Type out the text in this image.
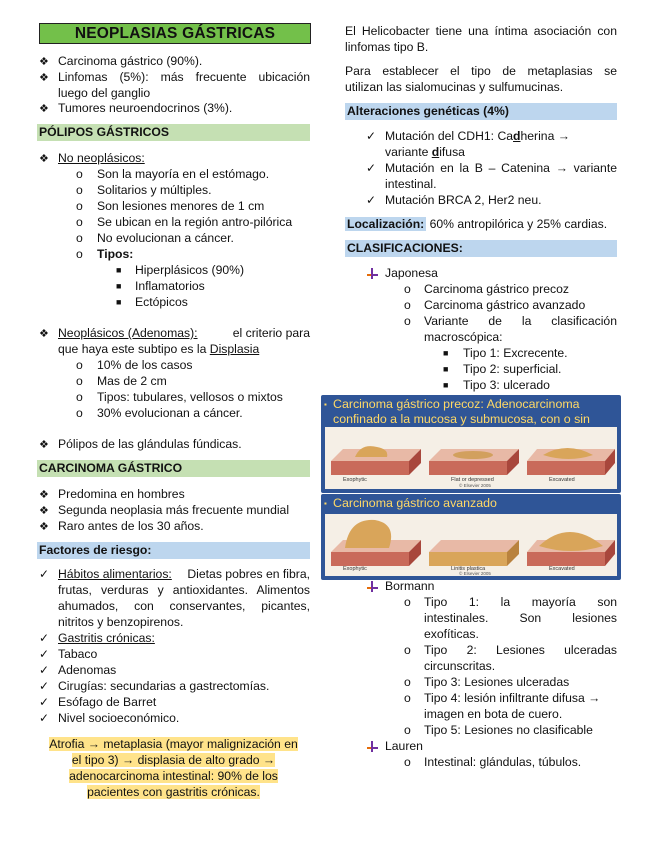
NEOPLASIAS GÁSTRICAS
❖ Carcinoma gástrico (90%).
❖ Linfomas (5%): más frecuente ubicación
luego del ganglio
❖ Tumores neuroendocrinos (3%).
PÓLIPOS GÁSTRICOS
❖ No neoplásicos:
o Son la mayoría en el estómago.
o Solitarios y múltiples.
o Son lesiones menores de 1 cm
o Se ubican en la región antro-pilórica
o No evolucionan a cáncer.
o Tipos:
■ Hiperplásicos (90%)
■ Inflamatorios
■ Ectópicos
❖ Neoplásicos (Adenomas):	el criterio para
que haya este subtipo es la Displasia
o 10% de los casos
o Mas de 2 cm
o Tipos: tubulares, vellosos o mixtos
o 30% evolucionan a cáncer.
❖ Pólipos de las glándulas fúndicas.
CARCINOMA GÁSTRICO
❖ Predomina en hombres
❖ Segunda neoplasia más frecuente mundial
❖ Raro antes de los 30 años.
Factores de riesgo:
✓ Hábitos alimentarios: Dietas pobres en fibra,
frutas, verduras y antioxidantes. Alimentos
ahumados, con conservantes, picantes,
nitritos y benzopirenos.
✓ Gastritis crónicas:
✓ Tabaco
✓ Adenomas
✓ Cirugías: secundarias a gastrectomías.
✓ Esófago de Barret
✓ Nivel socioeconómico.
Atrofia → metaplasia (mayor malignización en
el tipo 3) → displasia de alto grado →
adenocarcinoma intestinal: 90% de los
pacientes con gastritis crónicas.
El Helicobacter tiene una íntima asociación con
linfomas tipo B.
Para establecer el tipo de metaplasias se
utilizan las sialomucinas y sulfumucinas.
Alteraciones genéticas (4%)
✓ Mutación del CDH1: Cadherina →
variante difusa
✓ Mutación en la B – Catenina → variante
intestinal.
✓ Mutación BRCA 2, Her2 neu.
Localización: 60% antropilórica y 25% cardias.
CLASIFICACIONES:
Japonesa
o Carcinoma gástrico precoz
o Carcinoma gástrico avanzado
o Variante de la clasificación
macroscópica:
■ Tipo 1: Excrecente.
■ Tipo 2: superficial.
■ Tipo 3: ulcerado
Carcinoma gástrico precoz: Adenocarcinoma
confinado a la mucosa y submucosa, con o sin
▪
Exophytic	Flat or depressed	Excavated
© Elsevier 2005
▪ Carcinoma gástrico avanzado
Exophytic	Linitis plastica	Excavated
© Elsevier 2005
Bormann
o Tipo 1: la mayoría son
intestinales. Son lesiones
exofíticas.
o Tipo 2: Lesiones ulceradas
circunscritas.
o Tipo 3: Lesiones ulceradas
o Tipo 4: lesión infiltrante difusa →
imagen en bota de cuero.
o Tipo 5: Lesiones no clasificable
Lauren
o Intestinal: glándulas, túbulos.
